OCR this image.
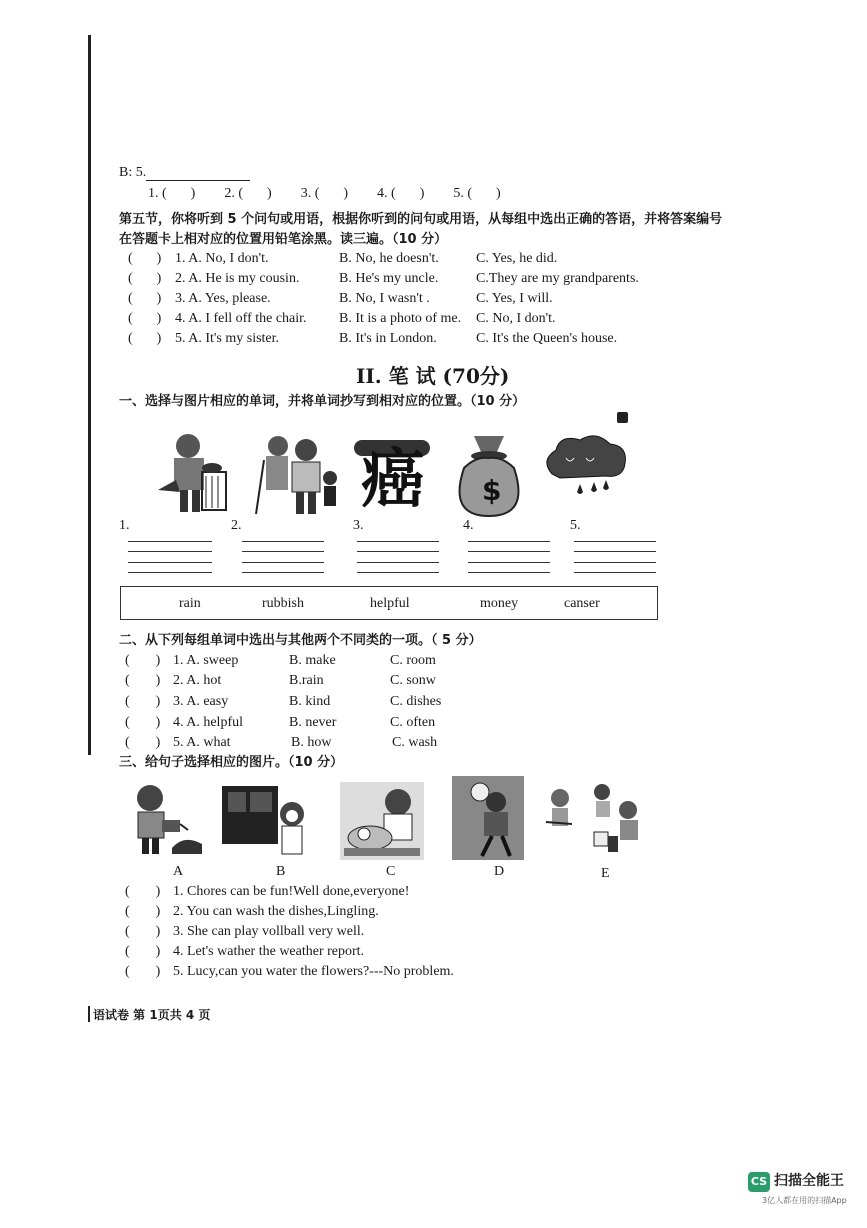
B: 5.
1. ( ) 2. ( ) 3. ( ) 4. ( ) 5. ( )
第五节，你将听到 5 个问句或用语，根据你听到的问句或用语，从每组中选出正确的答语，并将答案编号
在答题卡上相对应的位置用铅笔涂黑。读三遍。（10 分）
( ) 1. A. No, I don't.	B. No, he doesn't.	C. Yes, he did.
( ) 2. A. He is my cousin.	B. He's my uncle.	C.They are my grandparents.
( ) 3. A. Yes, please.	B. No, I wasn't .	C. Yes, I will.
( ) 4. A. I fell off the chair. B. It is a photo of me. C. No, I don't.
( ) 5. A. It's my sister.	B. It's in London.	C. It's the Queen's house.
II. 笔 试 (70分)
一、选择与图片相应的单词，并将单词抄写到相对应的位置。（10 分）
癌	$
1.	2.	3.	4.	5.
rain	rubbish	helpful	money	canser
二、从下列每组单词中选出与其他两个不同类的一项。（ 5 分）
( ) 1. A. sweep	B. make	C. room
( ) 2. A. hot	B.rain	C. sonw
( ) 3. A. easy	B. kind	C. dishes
( ) 4. A. helpful	B. never	C. often
( ) 5. A. what	B. how	C. wash
三、给句子选择相应的图片。（10 分）
A	B	C	D	E
( ) 1. Chores can be fun!Well done,everyone!
( ) 2. You can wash the dishes,Lingling.
( ) 3. She can play vollball very well.
( ) 4. Let's wather the weather report.
( ) 5. Lucy,can you water the flowers?---No problem.
语试卷 第 1页共 4 页
CS 扫描全能王
3亿人都在用的扫描App
